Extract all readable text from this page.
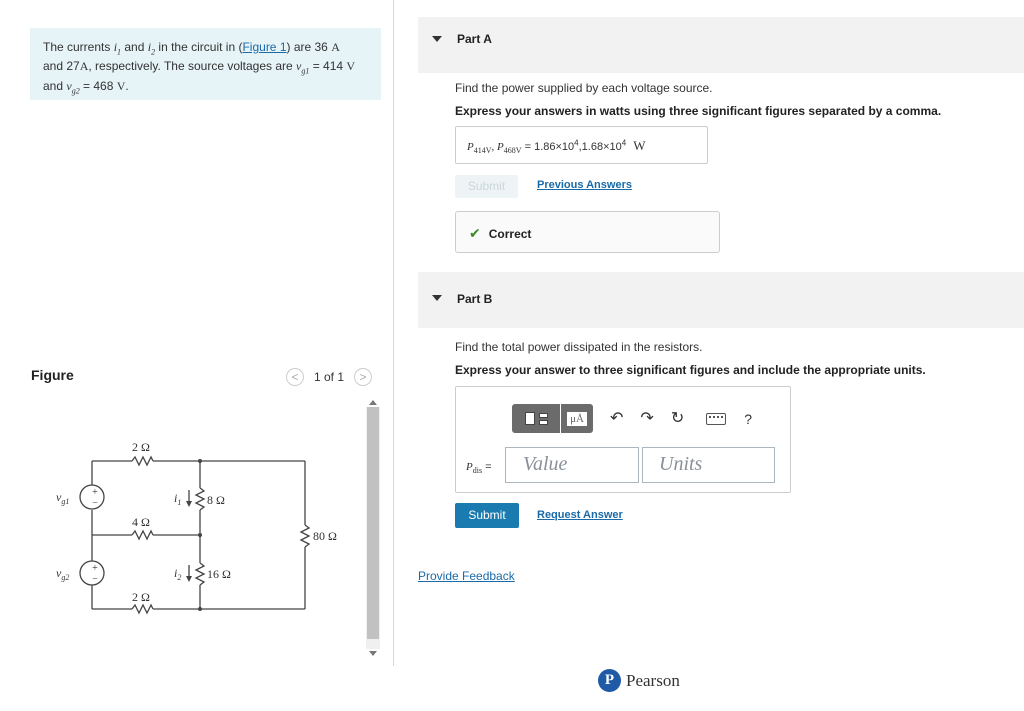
The currents $i_1$ and $i_2$ in the circuit in (Figure 1) are 36 A
and 27A, respectively. The source voltages are $v_{g1} = 414$ V
and $v_{g2} = 468$ V.
Figure	<	1 of 1	>
+
−
+
−
$v_{g1}$
$v_{g2}$
2 Ω
4 Ω
2 Ω
8 Ω
16 Ω
80 Ω
$i_1$
$i_2$
Part A
Find the power supplied by each voltage source.
Express your answers in watts using three significant figures separated by a comma.
$P_{414V}$, $P_{468V} = 1.86\times 10^4,1.68\times 10^4$ W
Submit	Previous Answers
✔ Correct
Part B
Find the total power dissipated in the resistors.
Express your answer to three significant figures and include the appropriate units.
μÅ ↶ ↷ ↻	?
$P_{dis}$ =	Value	Units
Submit	Request Answer
Provide Feedback
P Pearson
